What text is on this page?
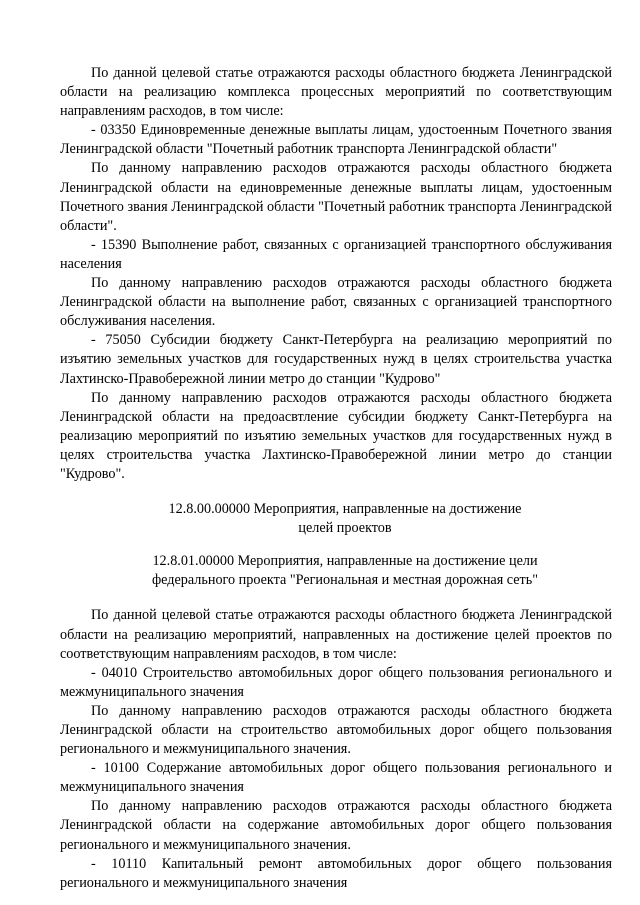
По данной целевой статье отражаются расходы областного бюджета Ленинградской области на реализацию комплекса процессных мероприятий по соответствующим направлениям расходов, в том числе:

- 03350 Единовременные денежные выплаты лицам, удостоенным Почетного звания Ленинградской области "Почетный работник транспорта Ленинградской области"

По данному направлению расходов отражаются расходы областного бюджета Ленинградской области на единовременные денежные выплаты лицам, удостоенным Почетного звания Ленинградской области "Почетный работник транспорта Ленинградской области".

- 15390 Выполнение работ, связанных с организацией транспортного обслуживания населения

По данному направлению расходов отражаются расходы областного бюджета Ленинградской области на выполнение работ, связанных с организацией транспортного обслуживания населения.

- 75050 Субсидии бюджету Санкт-Петербурга на реализацию мероприятий по изъятию земельных участков для государственных нужд в целях строительства участка Лахтинско-Правобережной линии метро до станции "Кудрово"

По данному направлению расходов отражаются расходы областного бюджета Ленинградской области на предоасвтление субсидии бюджету Санкт-Петербурга на реализацию мероприятий по изъятию земельных участков для государственных нужд в целях строительства участка Лахтинско-Правобережной линии метро до станции "Кудрово".

12.8.00.00000 Мероприятия, направленные на достижение
целей проектов
12.8.01.00000 Мероприятия, направленные на достижение цели
федерального проекта "Региональная и местная дорожная сеть"

По данной целевой статье отражаются расходы областного бюджета Ленинградской области на реализацию мероприятий, направленных на достижение целей проектов по соответствующим направлениям расходов, в том числе:

- 04010 Строительство автомобильных дорог общего пользования регионального и межмуниципального значения

По данному направлению расходов отражаются расходы областного бюджета Ленинградской области на строительство автомобильных дорог общего пользования регионального и межмуниципального значения.

- 10100 Содержание автомобильных дорог общего пользования регионального и межмуниципального значения

По данному направлению расходов отражаются расходы областного бюджета Ленинградской области на содержание автомобильных дорог общего пользования регионального и межмуниципального значения.

- 10110 Капитальный ремонт автомобильных дорог общего пользования регионального и межмуниципального значения
